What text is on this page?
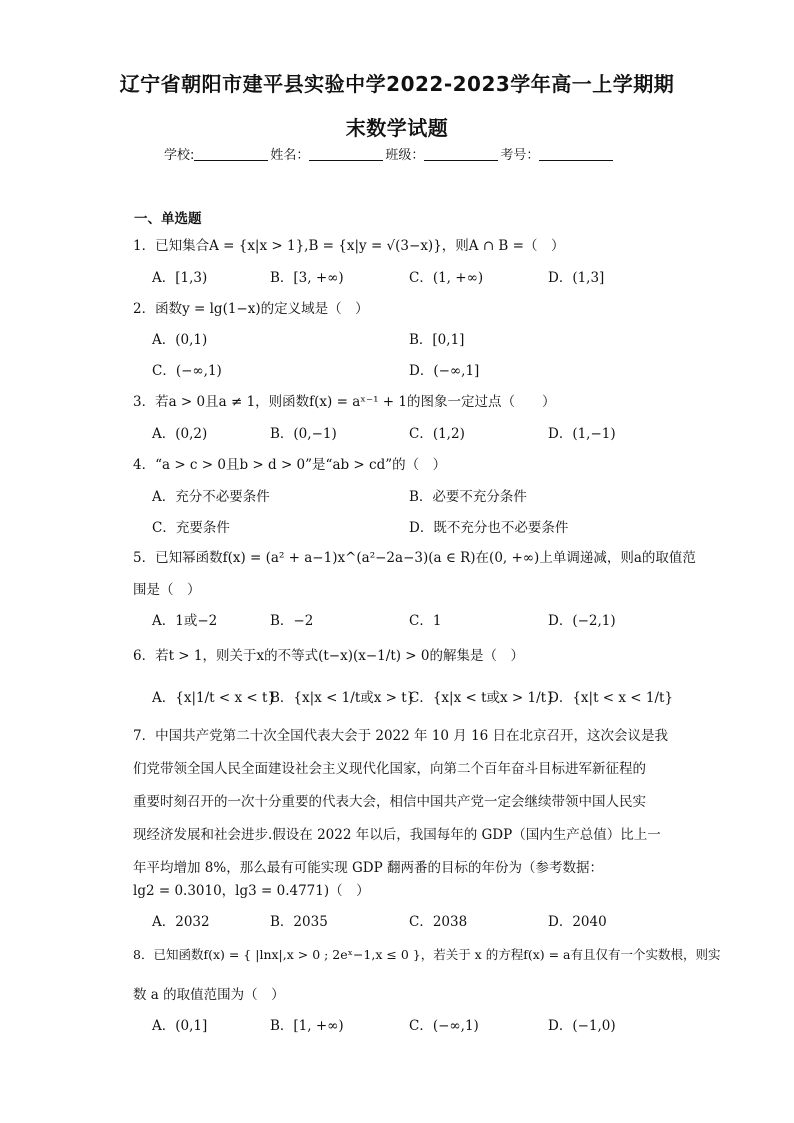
辽宁省朝阳市建平县实验中学2022-2023学年高一上学期期
末数学试题
学校:	姓名：	班级：	考号：
一、单选题
1．已知集合A = {x|x > 1},B = {x|y = √(3−x)}，则A ∩ B =（　）
A．[1,3)	B．[3, +∞)	C．(1, +∞)	D．(1,3]
2．函数y = lg(1−x)的定义域是（　）
A．(0,1)	B．[0,1]
C．(−∞,1)	D．(−∞,1]
3．若a > 0且a ≠ 1，则函数f(x) = aˣ⁻¹ + 1的图象一定过点（　　）
A．(0,2)	B．(0,−1)	C．(1,2)	D．(1,−1)
4．“a > c > 0且b > d > 0”是“ab > cd”的（　）
A．充分不必要条件	B．必要不充分条件
C．充要条件	D．既不充分也不必要条件
5．已知幂函数f(x) = (a² + a−1)x^(a²−2a−3)(a ∈ R)在(0, +∞)上单调递减，则a的取值范
围是（　）
A．1或−2	B．−2	C．1	D．(−2,1)
6．若t > 1，则关于x的不等式(t−x)(x−1/t) > 0的解集是（　）
A．{x|1/t < x < t}
B．{x|x < 1/t或x > t}
C．{x|x < t或x > 1/t}
D．{x|t < x < 1/t}
7．中国共产党第二十次全国代表大会于 2022 年 10 月 16 日在北京召开，这次会议是我
们党带领全国人民全面建设社会主义现代化国家，向第二个百年奋斗目标进军新征程的
重要时刻召开的一次十分重要的代表大会，相信中国共产党一定会继续带领中国人民实
现经济发展和社会进步.假设在 2022 年以后，我国每年的 GDP（国内生产总值）比上一
年平均增加 8%，那么最有可能实现 GDP 翻两番的目标的年份为（参考数据：
lg2 = 0.3010，lg3 = 0.4771)（　）
A．2032	B．2035	C．2038	D．2040
8．已知函数f(x) = { |lnx|,x > 0 ; 2eˣ−1,x ≤ 0 }，若关于 x 的方程f(x) = a有且仅有一个实数根，则实
数 a 的取值范围为（　）
A．(0,1]	B．[1, +∞)	C．(−∞,1)	D．(−1,0)
